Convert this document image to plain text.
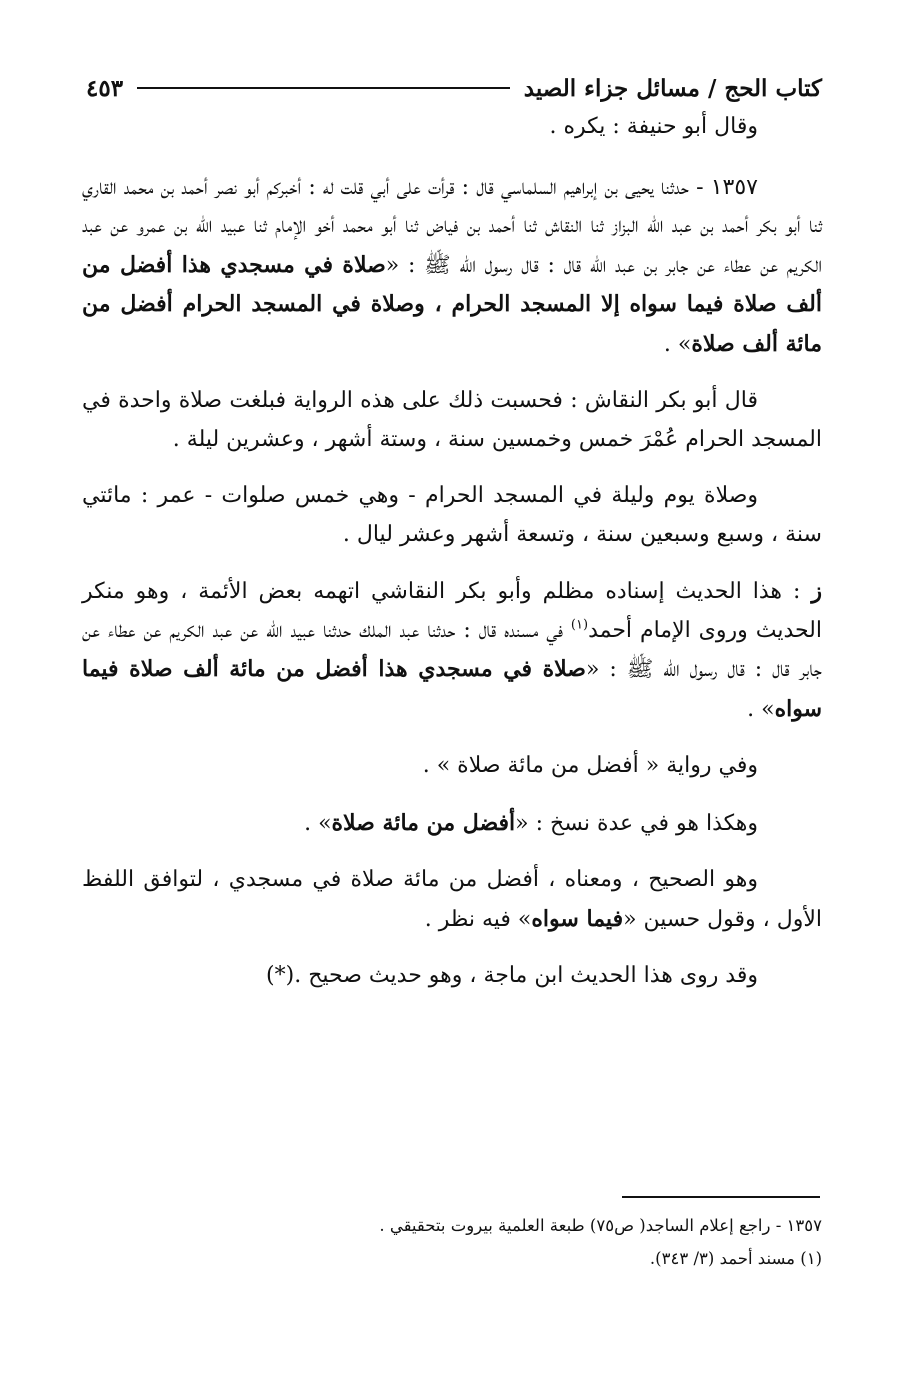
كتاب الحج / مسائل جزاء الصيد
٤٥٣

وقال أبو حنيفة : يكره .

١٣٥٧ - حدثنا يحيى بن إبراهيم السلماسي قال : قرأت على أبي قلت له : أخبركم أبو نصر أحمد بن محمد القاري ثنا أبو بكر أحمد بن عبد الله البزاز ثنا النقاش ثنا أحمد بن فياض ثنا أبو محمد أخو الإمام ثنا عبيد الله بن عمرو عن عبد الكريم عن عطاء عن جابر بن عبد الله قال : قال رسول الله ﷺ : «صلاة في مسجدي هذا أفضل من ألف صلاة فيما سواه إلا المسجد الحرام ، وصلاة في المسجد الحرام أفضل من مائة ألف صلاة» .

قال أبو بكر النقاش : فحسبت ذلك على هذه الرواية فبلغت صلاة واحدة في المسجد الحرام عُمْرَ خمس وخمسين سنة ، وستة أشهر ، وعشرين ليلة .

وصلاة يوم وليلة في المسجد الحرام - وهي خمس صلوات - عمر : مائتي سنة ، وسبع وسبعين سنة ، وتسعة أشهر وعشر ليال .

ز : هذا الحديث إسناده مظلم وأبو بكر النقاشي اتهمه بعض الأئمة ، وهو منكر الحديث وروى الإمام أحمد$^{(١)}$ في مسنده قال : حدثنا عبد الملك حدثنا عبيد الله عن عبد الكريم عن عطاء عن جابر قال : قال رسول الله ﷺ : «صلاة في مسجدي هذا أفضل من مائة ألف صلاة فيما سواه» .

وفي رواية « أفضل من مائة صلاة » .

وهكذا هو في عدة نسخ : «أفضل من مائة صلاة» .

وهو الصحيح ، ومعناه ، أفضل من مائة صلاة في مسجدي ، لتوافق اللفظ الأول ، وقول حسين «فيما سواه» فيه نظر .

وقد روى هذا الحديث ابن ماجة ، وهو حديث صحيح .(*)

١٣٥٧ - راجع إعلام الساجد( ص٧٥) طبعة العلمية بيروت بتحقيقي .
(١) مسند أحمد (٣/ ٣٤٣).
